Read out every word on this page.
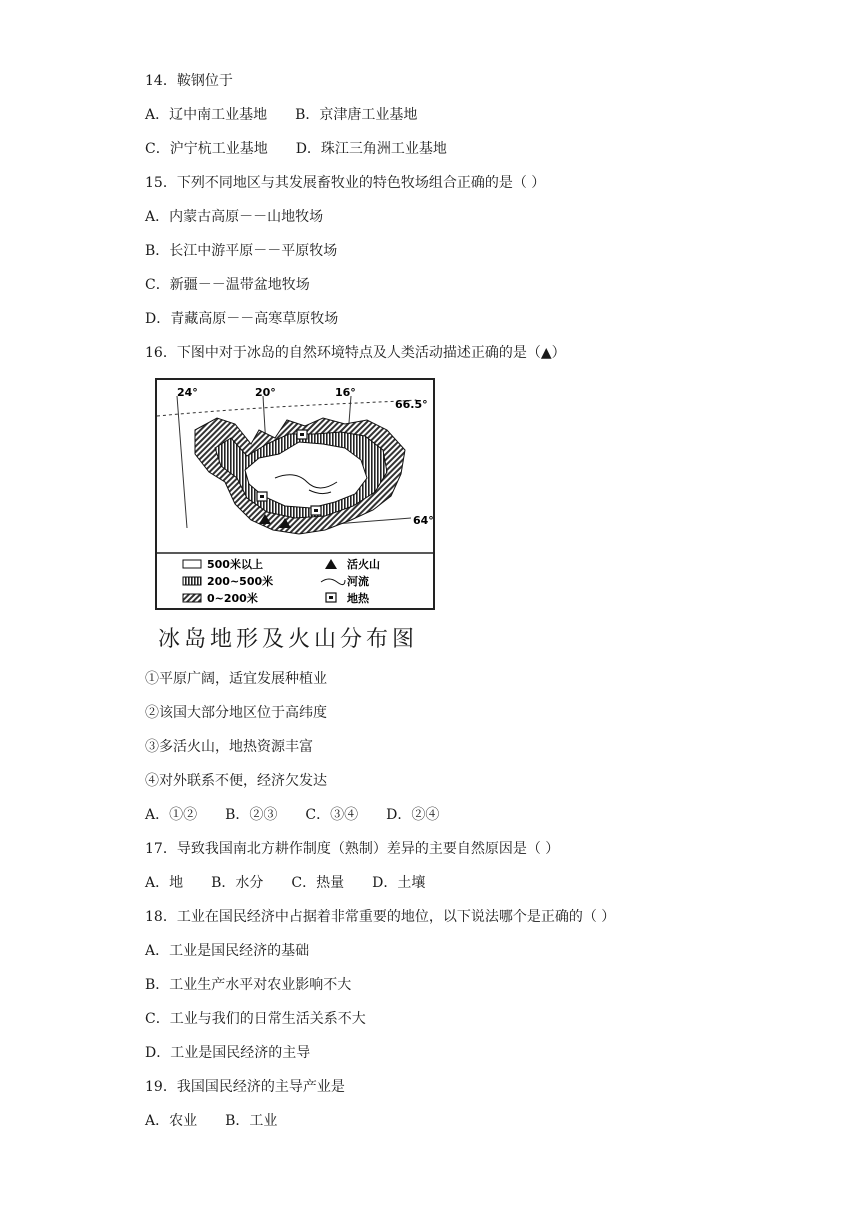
14．鞍钢位于
A．辽中南工业基地　　B．京津唐工业基地
C．沪宁杭工业基地　　D．珠江三角洲工业基地
15．下列不同地区与其发展畜牧业的特色牧场组合正确的是（ ）
A．内蒙古高原－－山地牧场
B．长江中游平原－－平原牧场
C．新疆－－温带盆地牧场
D．青藏高原－－高寒草原牧场
16．下图中对于冰岛的自然环境特点及人类活动描述正确的是（▲）
24°	20°	16°
66.5°
64°
500米以上
200~500米
0~200米
活火山
河流
地热
冰岛地形及火山分布图
①平原广阔，适宜发展种植业
②该国大部分地区位于高纬度
③多活火山，地热资源丰富
④对外联系不便，经济欠发达
A．①②　　B．②③　　C．③④　　D．②④
17．导致我国南北方耕作制度（熟制）差异的主要自然原因是（ ）
A．地　　B．水分　　C．热量　　D．土壤
18．工业在国民经济中占据着非常重要的地位，以下说法哪个是正确的（ ）
A．工业是国民经济的基础
B．工业生产水平对农业影响不大
C．工业与我们的日常生活关系不大
D．工业是国民经济的主导
19．我国国民经济的主导产业是
A．农业　　B．工业
